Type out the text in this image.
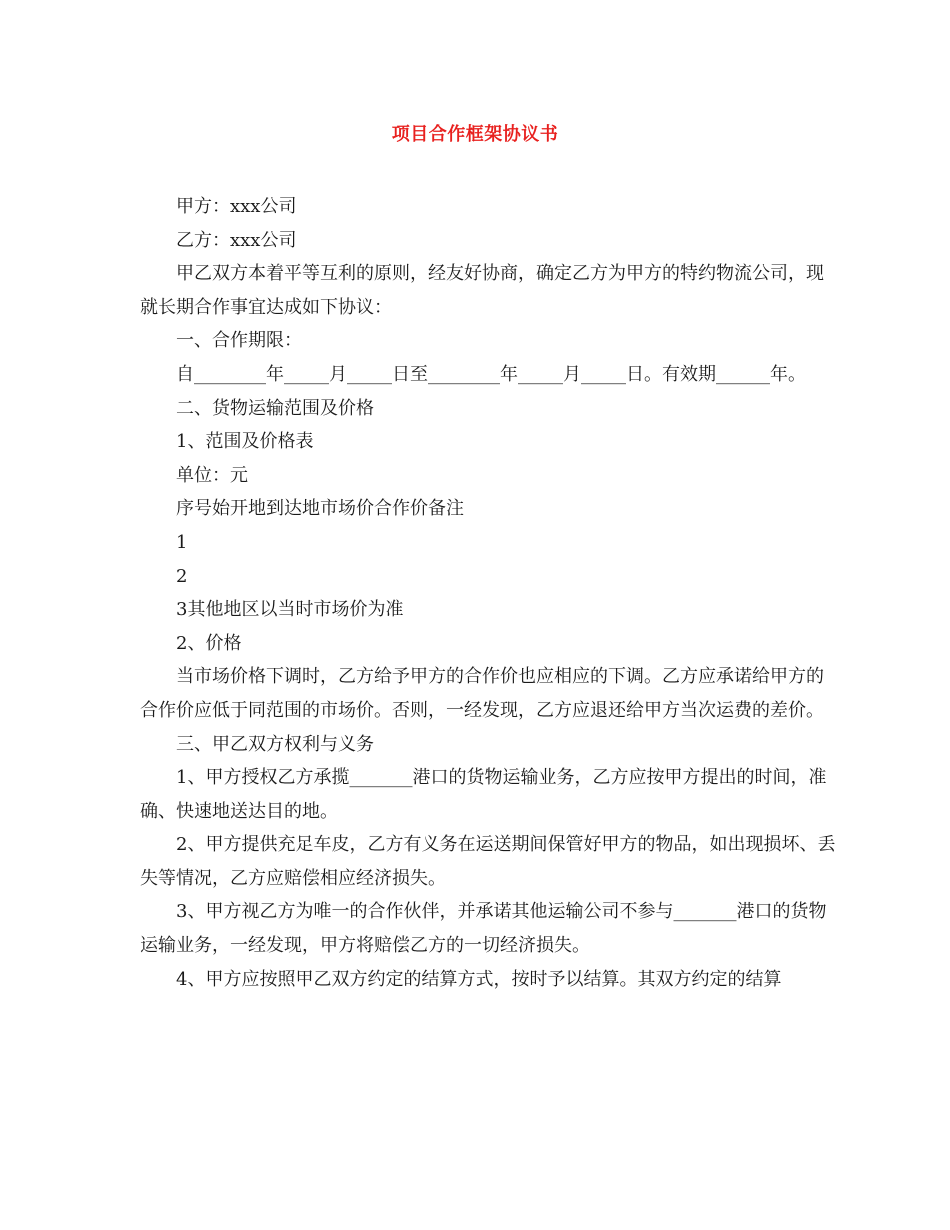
项目合作框架协议书

甲方：xxx公司

乙方：xxx公司

甲乙双方本着平等互利的原则，经友好协商，确定乙方为甲方的特约物流公司，现就长期合作事宜达成如下协议：

一、合作期限：

自________年_____月_____日至________年_____月_____日。有效期______年。

二、货物运输范围及价格

1、范围及价格表

单位：元

序号始开地到达地市场价合作价备注

1

2

3其他地区以当时市场价为准

2、价格

当市场价格下调时，乙方给予甲方的合作价也应相应的下调。乙方应承诺给甲方的合作价应低于同范围的市场价。否则，一经发现，乙方应退还给甲方当次运费的差价。

三、甲乙双方权利与义务

1、甲方授权乙方承揽_______港口的货物运输业务，乙方应按甲方提出的时间，准确、快速地送达目的地。

2、甲方提供充足车皮，乙方有义务在运送期间保管好甲方的物品，如出现损坏、丢失等情况，乙方应赔偿相应经济损失。

3、甲方视乙方为唯一的合作伙伴，并承诺其他运输公司不参与_______港口的货物运输业务，一经发现，甲方将赔偿乙方的一切经济损失。

4、甲方应按照甲乙双方约定的结算方式，按时予以结算。其双方约定的结算
